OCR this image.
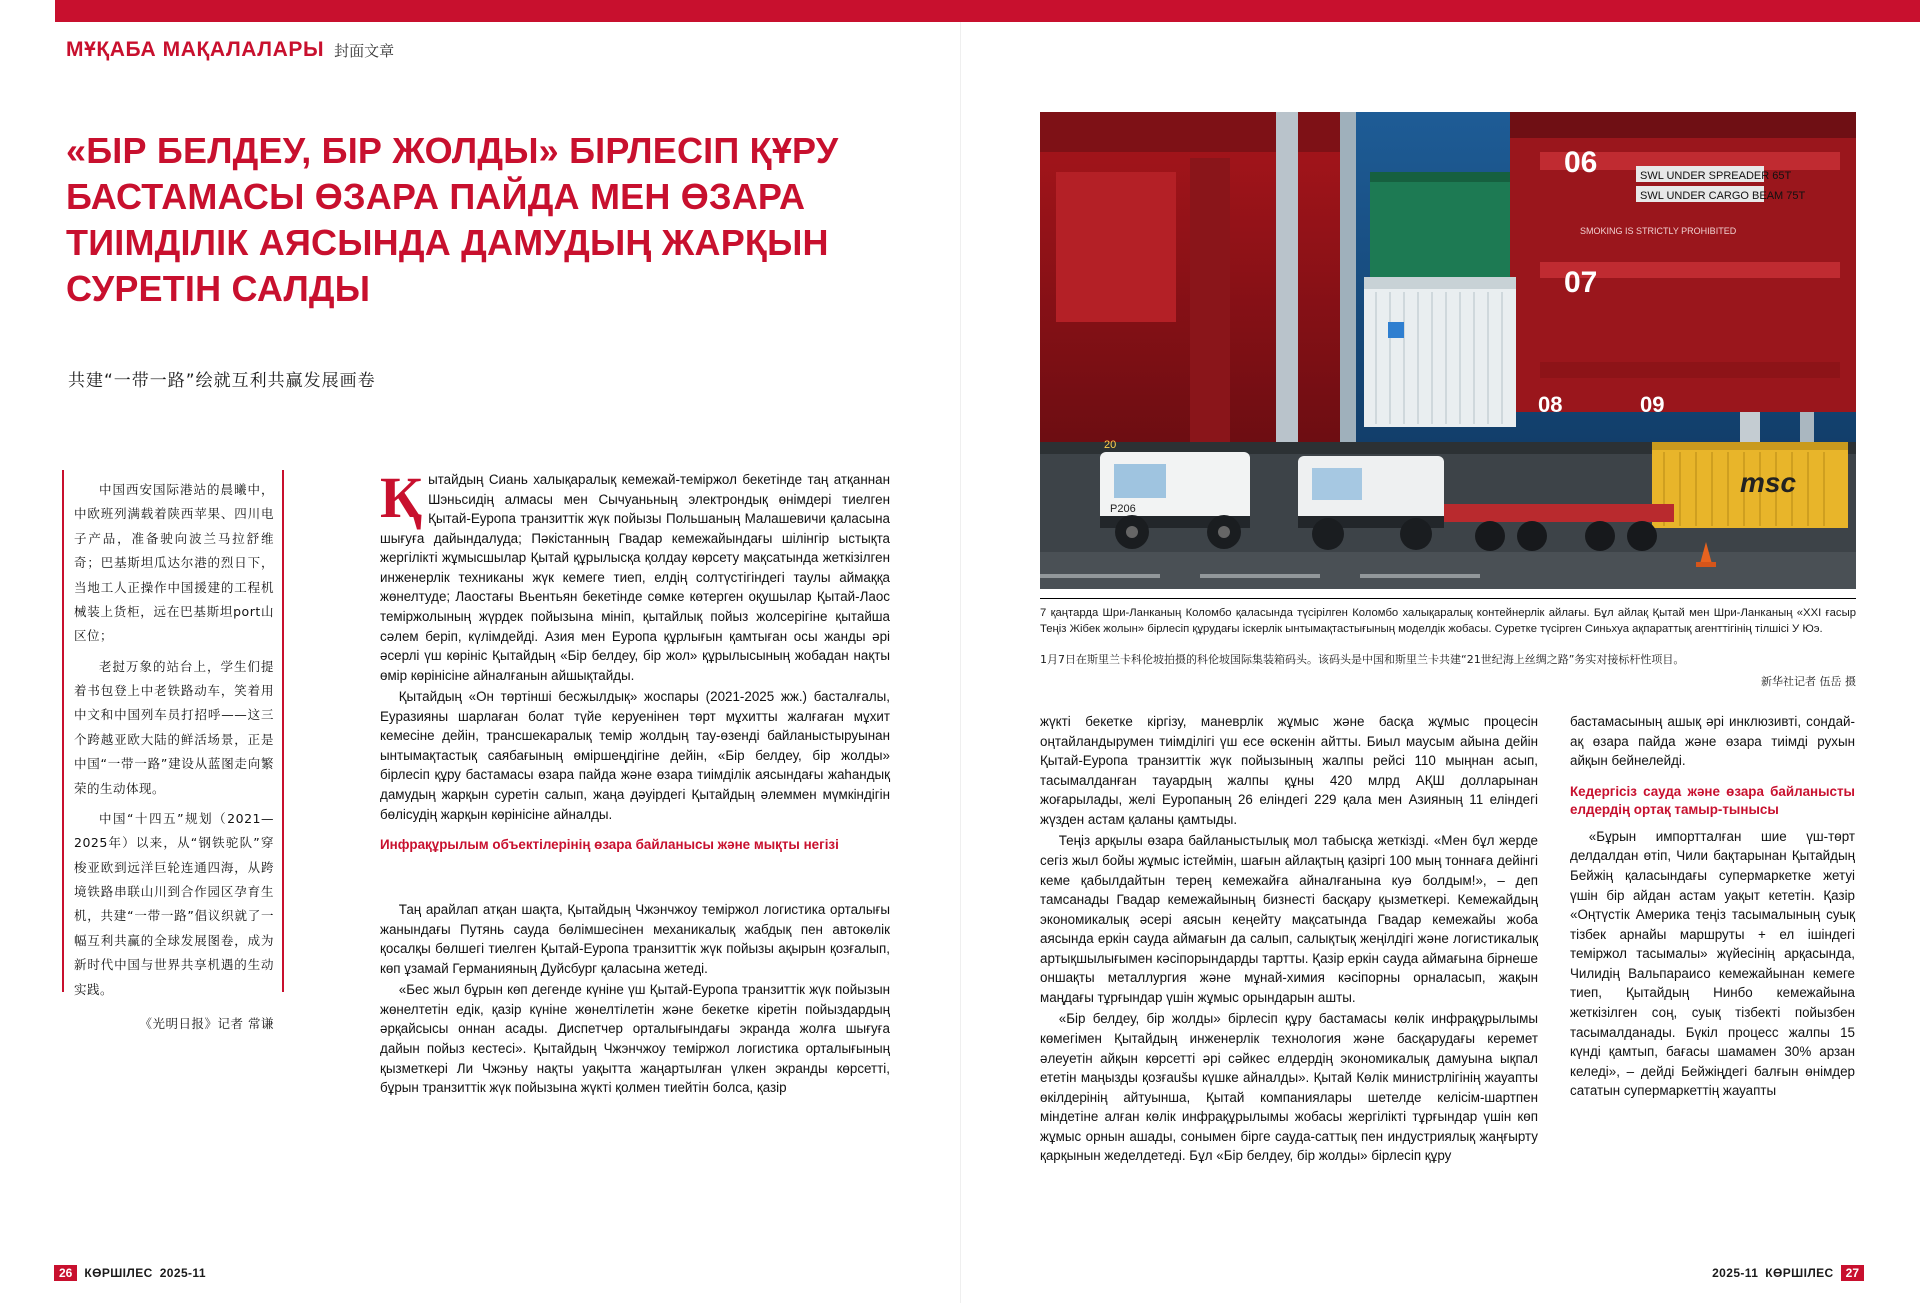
МҰҚАБА МАҚАЛАЛАРЫ 封面文章
«БІР БЕЛДЕУ, БІР ЖОЛДЫ» БІРЛЕСІП ҚҰРУ БАСТАМАСЫ ӨЗАРА ПАЙДА МЕН ӨЗАРА ТИІМДІЛІК АЯСЫНДА ДАМУДЫҢ ЖАРҚЫН СУРЕТІН САЛДЫ
共建“一带一路”绘就互利共赢发展画卷

中国西安国际港站的晨曦中，中欧班列满载着陕西苹果、四川电子产品，准备驶向波兰马拉舒维奇；巴基斯坦瓜达尔港的烈日下，当地工人正操作中国援建的工程机械装上货柜，远在巴基斯坦port山区位；

老挝万象的站台上，学生们提着书包登上中老铁路动车，笑着用中文和中国列车员打招呼——这三个跨越亚欧大陆的鲜活场景，正是中国“一带一路”建设从蓝图走向繁荣的生动体现。

中国“十四五”规划（2021—2025年）以来，从“钢铁驼队”穿梭亚欧到远洋巨轮连通四海，从跨境铁路串联山川到合作园区孕育生机，共建“一带一路”倡议织就了一幅互利共赢的全球发展图卷，成为新时代中国与世界共享机遇的生动实践。

《光明日报》记者 常谦

Қытайдың Сиань халықаралық кемежай-теміржол бекетінде таң атқаннан Шэньсидің алмасы мен Сычуаньның электрондық өнімдері тиелген Қытай-Еуропа транзиттік жүк пойызы Польшаның Малашевичи қаласына шығуға дайындалуда; Пәкістанның Гвадар кемежайындағы шілінгір ыстықта жергілікті жұмысшылар Қытай құрылысқа қолдау көрсету мақсатында жеткізілген инженерлік техниканы жүк кемеге тиеп, елдің солтүстігіндегі таулы аймаққа жөнелтуде; Лаостағы Вьентьян бекетінде сөмке көтерген оқушылар Қытай-Лаос теміржолының жүрдек пойызына мініп, қытайлық пойыз жолсерігіне қытайша сәлем беріп, күлімдейді. Азия мен Еуропа құрлығын қамтыған осы жанды әрі әсерлі үш көрініс Қытайдың «Бір белдеу, бір жол» құрылысының жобадан нақты өмір көрінісіне айналғанын айшықтайды.

Қытайдың «Он төртінші бесжылдық» жоспары (2021-2025 жж.) басталғалы, Еуразияны шарлаған болат түйе керуенінен төрт мұхитты жалғаған мұхит кемесіне дейін, трансшекаралық темір жолдың тау-өзенді байланыстыруынан ынтымақтастық саябағының өміршеңдігіне дейін, «Бір белдеу, бір жолды» бірлесіп құру бастамасы өзара пайда және өзара тиімділік аясындағы жаһандық дамудың жарқын суретін салып, жаңа дәуірдегі Қытайдың әлеммен мүмкіндігін бөлісудің жарқын көрінісіне айналды.

Инфрақұрылым объектілерінің өзара байланысы және мықты негізі

Таң арайлап атқан шақта, Қытайдың Чжэнчжоу теміржол логистика орталығы жанындағы Путянь сауда бөлімшесінен механикалық жабдық пен автокөлік қосалқы бөлшегі тиелген Қытай-Еуропа транзиттік жүк пойызы ақырын қозғалып, көп ұзамай Германияның Дуйсбург қаласына жетеді.

«Бес жыл бұрын көп дегенде күніне үш Қытай-Еуропа транзиттік жүк пойызын жөнелтетін едік, қазір күніне жөнелтілетін және бекетке кіретін пойыздардың әрқайсысы оннан асады. Диспетчер орталығындағы экранда жолға шығуға дайын пойыз кестесі». Қытайдың Чжэнчжоу теміржол логистика орталығының қызметкері Ли Чжэньу нақты уақытта жаңартылған үлкен экранды көрсетті, бұрын транзиттік жүк пойызына жүкті қолмен тиейтін болса, қазір

SWL UNDER SPREADER 65T
SWL UNDER CARGO BEAM 75T
SMOKING IS STRICTLY PROHIBITED
06
07
08	09
msc
P206
20
7 қаңтарда Шри-Ланканың Коломбо қаласында түсірілген Коломбо халықаралық контейнерлік айлағы. Бұл айлақ Қытай мен Шри-Ланканың «ХХІ ғасыр Теңіз Жібек жолын» бірлесіп құрудағы іскерлік ынтымақтастығының моделдік жобасы. Суретке түсірген Синьхуа ақпараттық агенттігінің тілшісі У Юэ.
1月7日在斯里兰卡科伦坡拍摄的科伦坡国际集装箱码头。该码头是中国和斯里兰卡共建“21世纪海上丝绸之路”务实对接标杆性项目。
新华社记者 伍岳 摄

жүкті бекетке кіргізу, маневрлік жұмыс және басқа жұмыс процесін оңтайландырумен тиімділігі үш есе өскенін айтты. Биыл маусым айына дейін Қытай-Еуропа транзиттік жүк пойызының жалпы рейсі 110 мыңнан асып, тасымалданған тауардың жалпы құны 420 млрд АҚШ долларынан жоғарылады, желі Еуропаның 26 еліндегі 229 қала мен Азияның 11 еліндегі жүзден астам қаланы қамтыды.

Теңіз арқылы өзара байланыстылық мол табысқа жеткізді. «Мен бұл жерде сегіз жыл бойы жұмыс істеймін, шағын айлақтың қазіргі 100 мың тоннаға дейінгі кеме қабылдайтын терең кемежайға айналғанына куә болдым!», – деп тамсанады Гвадар кемежайының бизнесті басқару қызметкері. Кемежайдың экономикалық әсері аясын кеңейту мақсатында Гвадар кемежайы жоба аясында еркін сауда аймағын да салып, салықтық жеңілдігі және логистикалық артықшылығымен кәсіпорындарды тартты. Қазір еркін сауда аймағына бірнеше оншақты металлургия және мұнай-химия кәсіпорны орналасып, жақын маңдағы тұрғындар үшін жұмыс орындарын ашты.

«Бір белдеу, бір жолды» бірлесіп құру бастамасы көлік инфрақұрылымы көмегімен Қытайдың инженерлік технология және басқарудағы керемет әлеуетін айқын көрсетті әрі сәйкес елдердің экономикалық дамуына ықпал ететін маңызды қозғаušы күшке айналды». Қытай Көлік министрлігінің жауапты өкілдерінің айтуынша, Қытай компаниялары шетелде келісім-шартпен міндетіне алған көлік инфрақұрылымы жобасы жергілікті тұрғындар үшін көп жұмыс орнын ашады, сонымен бірге сауда-саттық пен индустриялық жаңғырту қарқынын жеделдетеді. Бұл «Бір белдеу, бір жолды» бірлесіп құру

бастамасының ашық әрі инклюзивті, сондай-ақ өзара пайда және өзара тиімді рухын айқын бейнелейді.

Кедергісіз сауда және өзара байланысты елдердің ортақ тамыр-тынысы

«Бұрын импортталған шие үш-төрт делдалдан өтіп, Чили бақтарынан Қытайдың Бейжің қаласындағы супермаркетке жетуі үшін бір айдан астам уақыт кететін. Қазір «Оңтүстік Америка теңіз тасымалының суық тізбек арнайы маршруты + ел ішіндегі теміржол тасымалы» жүйесінің арқасында, Чилидің Вальпараисо кемежайынан кемеге тиеп, Қытайдың Нинбо кемежайына жеткізілген соң, суық тізбекті пойызбен тасымалданады. Бүкіл процесс жалпы 15 күнді қамтып, бағасы шамамен 30% арзан келеді», – дейді Бейжіңдегі балғын өнімдер сататын супермаркеттің жауапты

26	КӨРШІЛЕС 2025-11	2025-11 КӨРШІЛЕС	27
